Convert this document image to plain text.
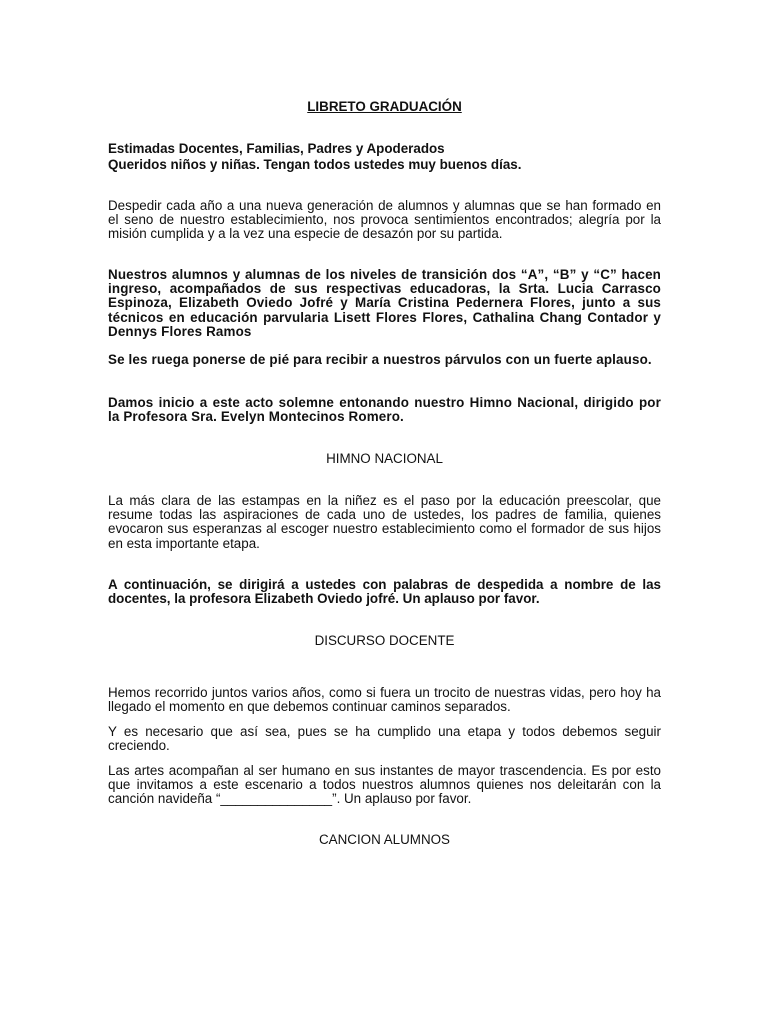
LIBRETO GRADUACIÓN
Estimadas Docentes, Familias, Padres y Apoderados
Queridos niños y niñas. Tengan todos ustedes muy buenos días.

Despedir cada año a una nueva generación de alumnos y alumnas que se han formado en el seno de nuestro establecimiento, nos provoca sentimientos encontrados; alegría por la misión cumplida y a la vez una especie de desazón por su partida.

Nuestros alumnos y alumnas de los niveles de transición dos “A”, “B” y “C” hacen ingreso, acompañados de sus respectivas educadoras, la Srta. Lucia Carrasco Espinoza, Elizabeth Oviedo Jofré y María Cristina Pedernera Flores, junto a sus técnicos en educación parvularia Lisett Flores Flores, Cathalina Chang Contador y Dennys Flores Ramos

Se les ruega ponerse de pié para recibir a nuestros párvulos con un fuerte aplauso.

Damos inicio a este acto solemne entonando nuestro Himno Nacional, dirigido por la Profesora Sra. Evelyn Montecinos Romero.

HIMNO NACIONAL

La más clara de las estampas en la niñez es el paso por la educación preescolar, que resume todas las aspiraciones de cada uno de ustedes, los padres de familia, quienes evocaron sus esperanzas al escoger nuestro establecimiento como el formador de sus hijos en esta importante etapa.

A continuación, se dirigirá a ustedes con palabras de despedida a nombre de las docentes, la profesora Elizabeth Oviedo jofré. Un aplauso por favor.

DISCURSO DOCENTE

Hemos recorrido juntos varios años, como si fuera un trocito de nuestras vidas, pero hoy ha llegado el momento en que debemos continuar caminos separados.

Y es necesario que así sea, pues se ha cumplido una etapa y todos debemos seguir creciendo.

Las artes acompañan al ser humano en sus instantes de mayor trascendencia. Es por esto que invitamos a este escenario a todos nuestros alumnos quienes nos deleitarán con la canción navideña “_______________”. Un aplauso por favor.

CANCION ALUMNOS
